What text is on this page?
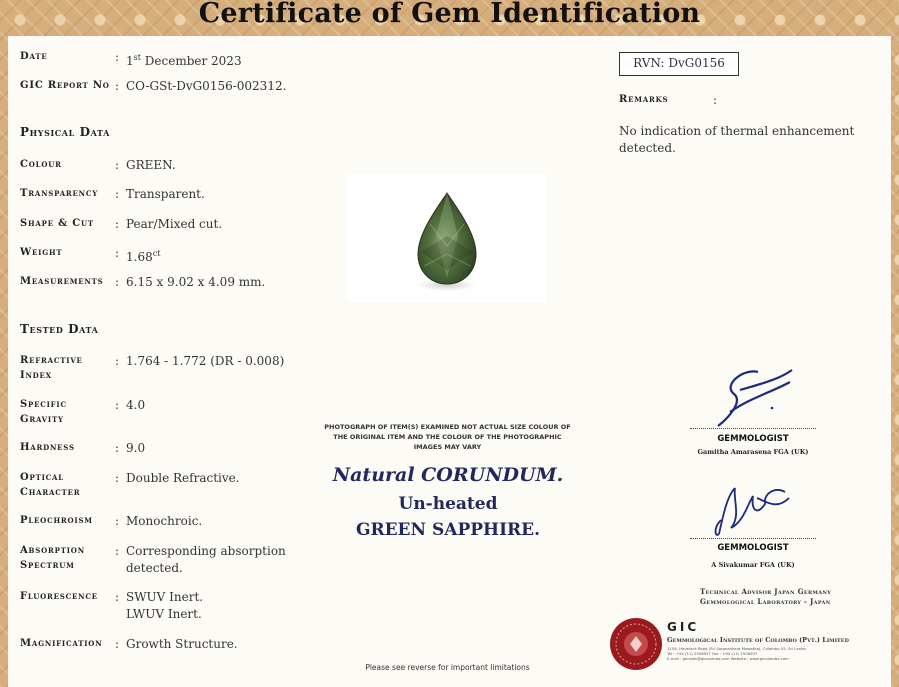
Certificate of Gem Identification
Date	: 1st December 2023
GIC Report No : CO-GSt-DvG0156-002312.
Physical Data
Colour	: GREEN.
Transparency : Transparent.
Shape & Cut : Pear/Mixed cut.
Weight	: $1.68^{ct}$
Measurements : 6.15 x 9.02 x 4.09 mm.
Tested Data
Refractive
Index
: 1.764 - 1.772 (DR - 0.008)
Specific
Gravity
: 4.0
Hardness	: 9.0
Optical
Character
: Double Refractive.
Pleochroism : Monochroic.
Absorption
Spectrum
: Corresponding absorption
detected.
Fluorescence : SWUV Inert.
LWUV Inert.
Magnification : Growth Structure.
RVN: DvG0156
Remarks	:
No indication of thermal enhancement
detected.
PHOTOGRAPH OF ITEM(S) EXAMINED NOT ACTUAL SIZE COLOUR OF
THE ORIGINAL ITEM AND THE COLOUR OF THE PHOTOGRAPHIC
IMAGES MAY VARY
Natural CORUNDUM.
Un-heated
GREEN SAPPHIRE.
GEMMOLOGIST
Gamitha Amarasena FGA (UK)
GEMMOLOGIST
A Sivakumar FGA (UK)
Technical Advisor Japan Germany
Gemmological Laboratory - Japan
GIC
Gemmological Institute of Colombo (Pvt.) Limited
115A, Havelock Road (Sri Saranankara Mawatha), Colombo 05, Sri Lanka.
Tel : +94 (11) 2508937 Fax : +94 (11) 2508937
E-mail : gemlab@gicolombo.com Website : www.gicolombo.com
Please see reverse for important limitations
